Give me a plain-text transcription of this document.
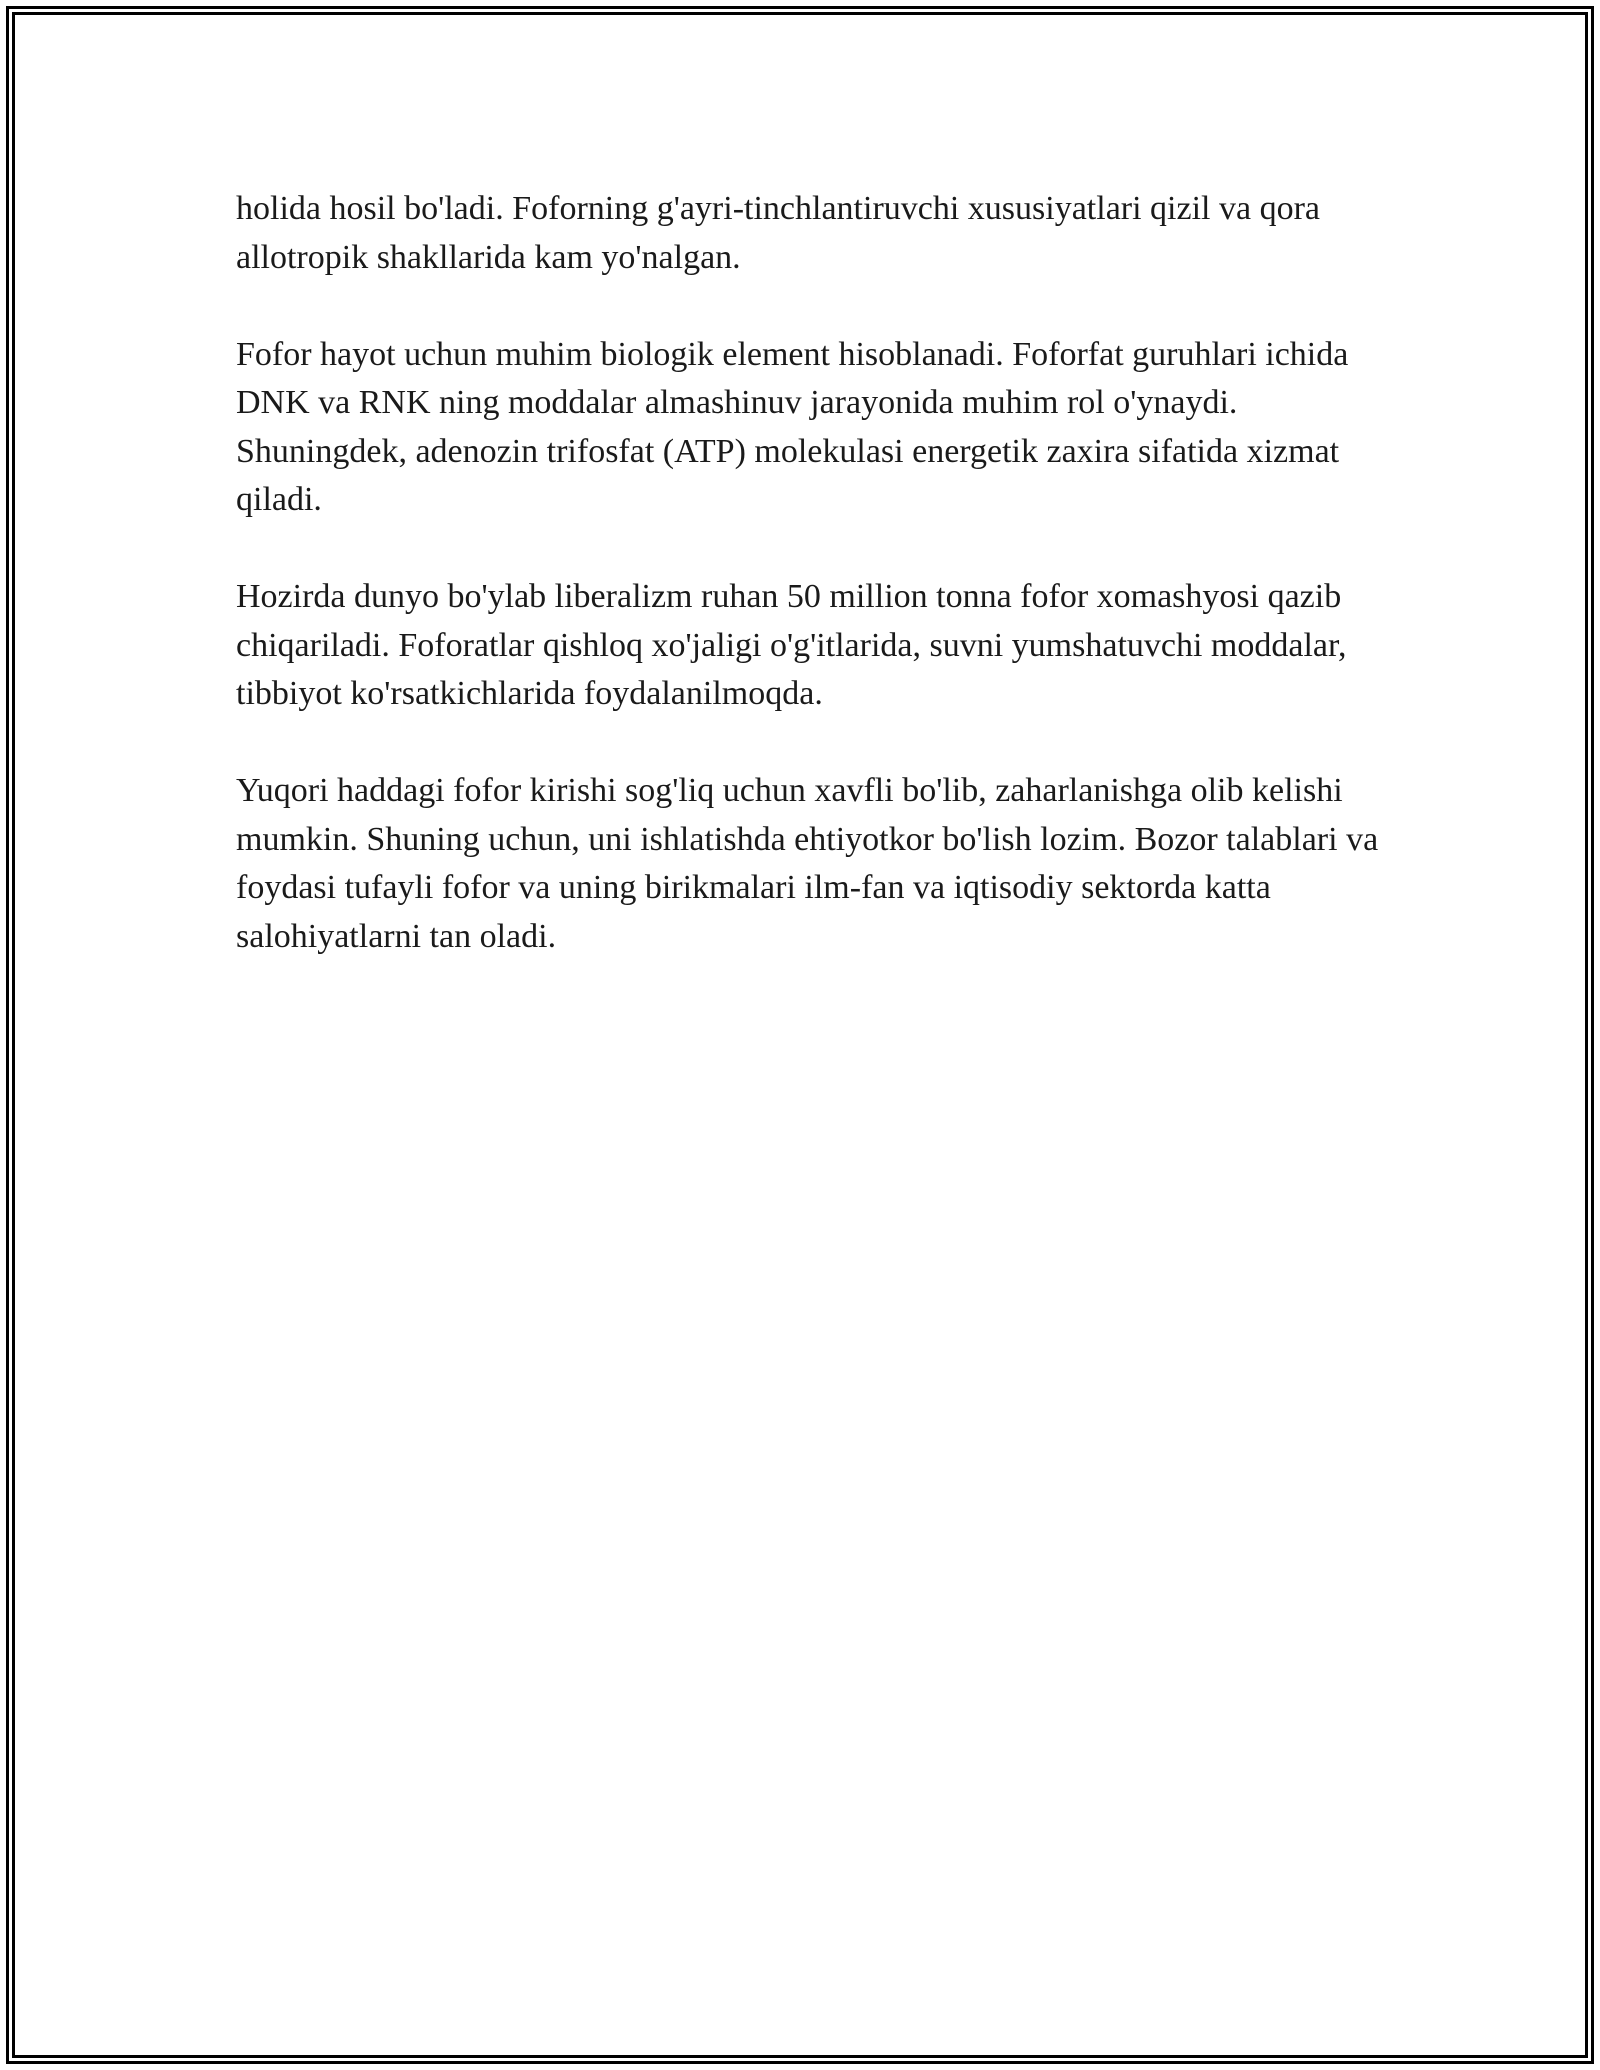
holida hosil bo'ladi. Foforning g'ayri-tinchlantiruvchi xususiyatlari qizil va qora allotropik shakllarida kam yo'nalgan.

Fofor hayot uchun muhim biologik element hisoblanadi. Foforfat guruhlari ichida DNK va RNK ning moddalar almashinuv jarayonida muhim rol o'ynaydi. Shuningdek, adenozin trifosfat (ATP) molekulasi energetik zaxira sifatida xizmat qiladi.

Hozirda dunyo bo'ylab liberalizm ruhan 50 million tonna fofor xomashyosi qazib chiqariladi. Foforatlar qishloq xo'jaligi o'g'itlarida, suvni yumshatuvchi moddalar, tibbiyot ko'rsatkichlarida foydalanilmoqda.

Yuqori haddagi fofor kirishi sog'liq uchun xavfli bo'lib, zaharlanishga olib kelishi mumkin. Shuning uchun, uni ishlatishda ehtiyotkor bo'lish lozim. Bozor talablari va foydasi tufayli fofor va uning birikmalari ilm-fan va iqtisodiy sektorda katta salohiyatlarni tan oladi.
